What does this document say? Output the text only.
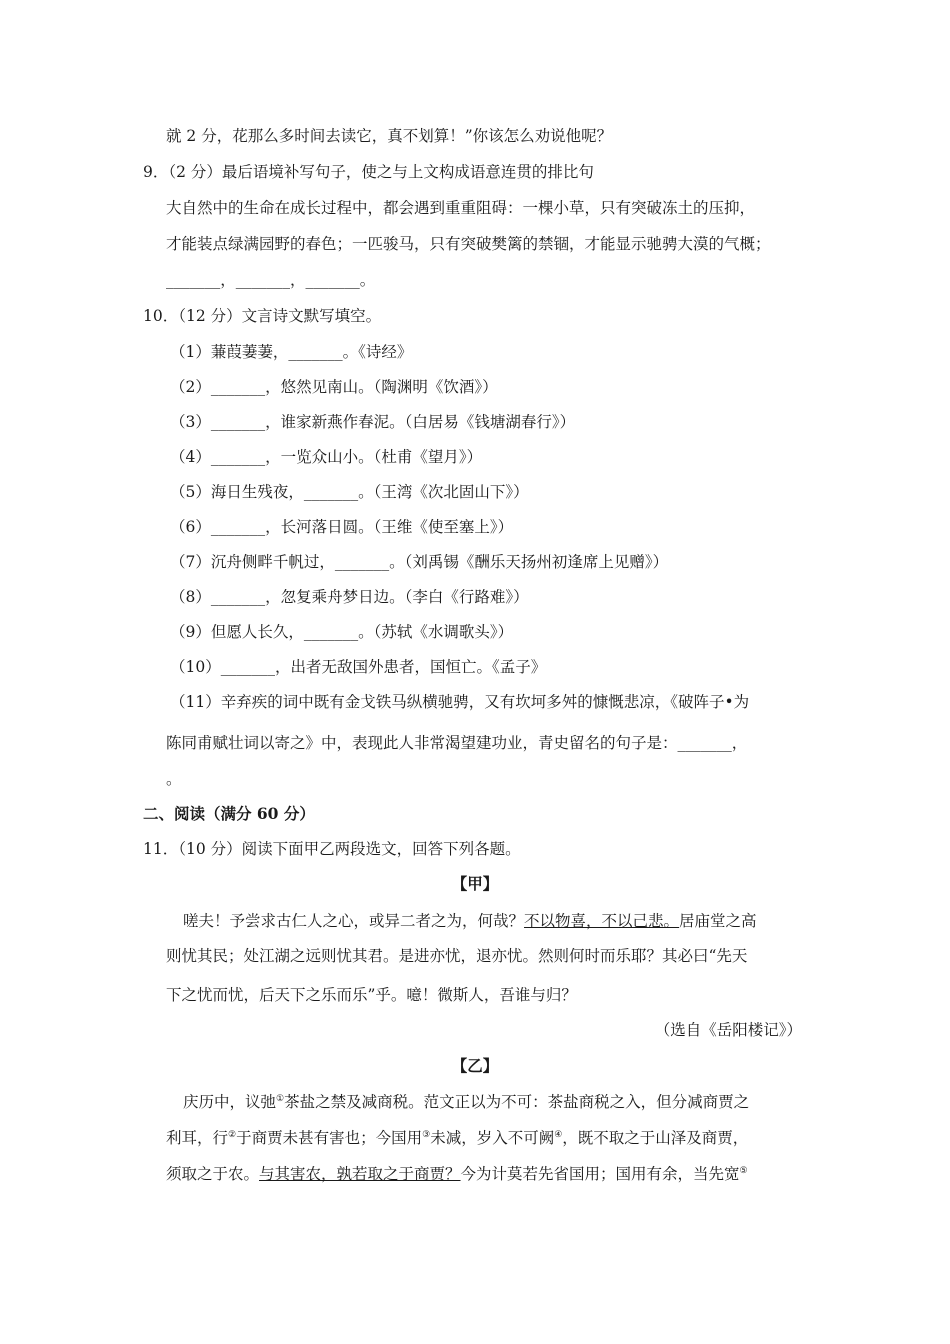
就 2 分，花那么多时间去读它，真不划算！”你该怎么劝说他呢？
9．（2 分）最后语境补写句子，使之与上文构成语意连贯的排比句
大自然中的生命在成长过程中，都会遇到重重阻碍：一棵小草，只有突破冻土的压抑，
才能装点绿满园野的春色；一匹骏马，只有突破樊篱的禁锢，才能显示驰骋大漠的气概；
_______，_______，_______。
10．（12 分）文言诗文默写填空。
（1）蒹葭萋萋，_______。《诗经》
（2）_______，悠然见南山。（陶渊明《饮酒》）
（3）_______，谁家新燕作春泥。（白居易《钱塘湖春行》）
（4）_______，一览众山小。（杜甫《望月》）
（5）海日生残夜，_______。（王湾《次北固山下》）
（6）_______，长河落日圆。（王维《使至塞上》）
（7）沉舟侧畔千帆过，_______。（刘禹锡《酬乐天扬州初逢席上见赠》）
（8）_______，忽复乘舟梦日边。（李白《行路难》）
（9）但愿人长久，_______。（苏轼《水调歌头》）
（10）_______，出者无敌国外患者，国恒亡。《孟子》
（11）辛弃疾的词中既有金戈铁马纵横驰骋，又有坎坷多舛的慷慨悲凉，《破阵子•为
陈同甫赋壮词以寄之》中，表现此人非常渴望建功业，青史留名的句子是：_______，
。
二、阅读（满分 60 分）
11．（10 分）阅读下面甲乙两段选文，回答下列各题。
【甲】
嗟夫！予尝求古仁人之心，或异二者之为，何哉？不以物喜，不以己悲。居庙堂之高
则忧其民；处江湖之远则忧其君。是进亦忧，退亦忧。然则何时而乐耶？其必曰“先天
下之忧而忧，后天下之乐而乐”乎。噫！微斯人，吾谁与归？
（选自《岳阳楼记》）
【乙】
庆历中，议弛①茶盐之禁及减商税。范文正以为不可：茶盐商税之入，但分减商贾之
利耳，行②于商贾未甚有害也；今国用③未减，岁入不可阙④，既不取之于山泽及商贾，
须取之于农。与其害农，孰若取之于商贾？今为计莫若先省国用；国用有余，当先宽⑤
